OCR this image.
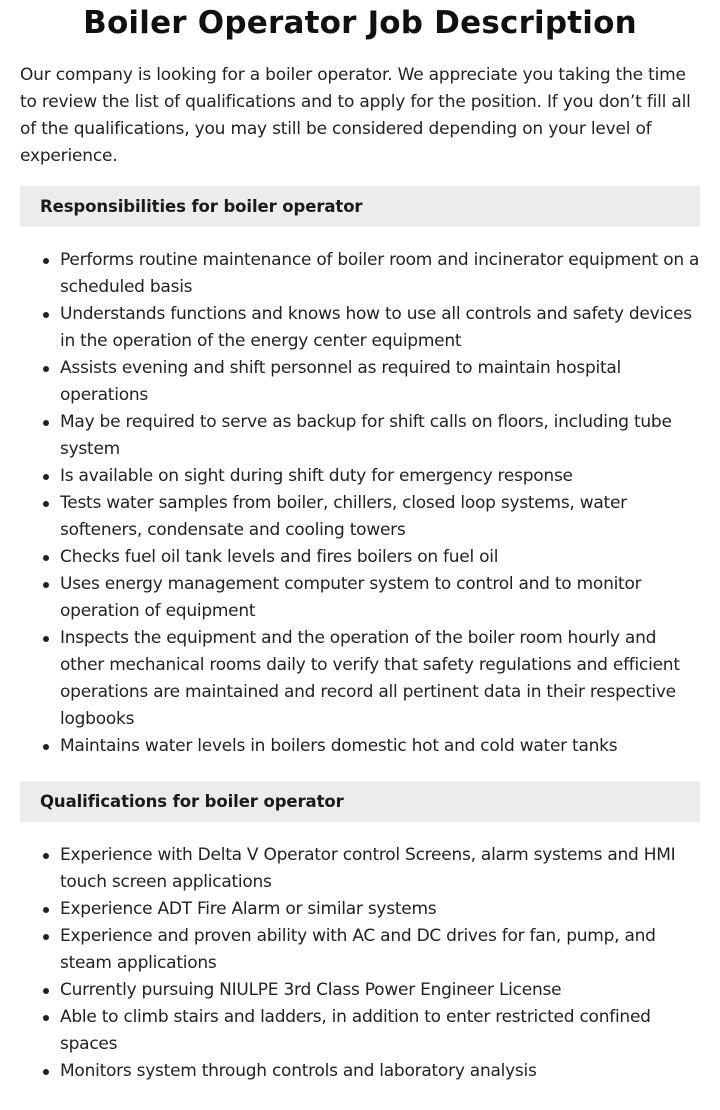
Boiler Operator Job Description

Our company is looking for a boiler operator. We appreciate you taking the time to review the list of qualifications and to apply for the position. If you don’t fill all of the qualifications, you may still be considered depending on your level of experience.

Responsibilities for boiler operator
Performs routine maintenance of boiler room and incinerator equipment on a scheduled basis
Understands functions and knows how to use all controls and safety devices in the operation of the energy center equipment
Assists evening and shift personnel as required to maintain hospital operations
May be required to serve as backup for shift calls on floors, including tube system
Is available on sight during shift duty for emergency response
Tests water samples from boiler, chillers, closed loop systems, water softeners, condensate and cooling towers
Checks fuel oil tank levels and fires boilers on fuel oil
Uses energy management computer system to control and to monitor operation of equipment
Inspects the equipment and the operation of the boiler room hourly and other mechanical rooms daily to verify that safety regulations and efficient operations are maintained and record all pertinent data in their respective logbooks
Maintains water levels in boilers domestic hot and cold water tanks
Qualifications for boiler operator
Experience with Delta V Operator control Screens, alarm systems and HMI touch screen applications
Experience ADT Fire Alarm or similar systems
Experience and proven ability with AC and DC drives for fan, pump, and steam applications
Currently pursuing NIULPE 3rd Class Power Engineer License
Able to climb stairs and ladders, in addition to enter restricted confined spaces
Monitors system through controls and laboratory analysis
